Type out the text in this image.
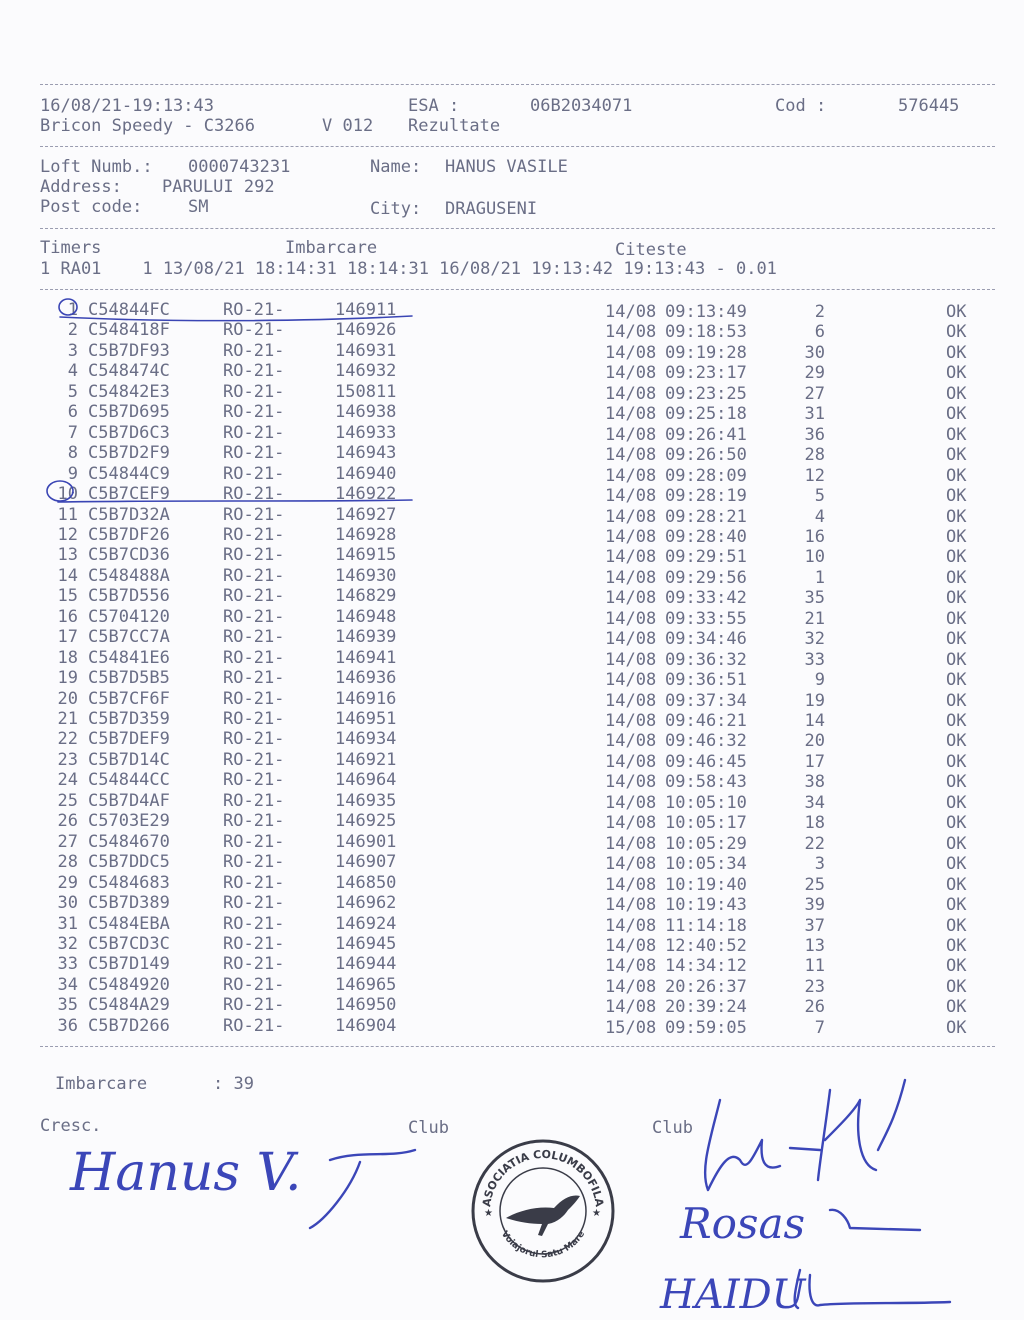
16/08/21-19:13:43	ESA :	06B2034071	Cod :	576445
Bricon Speedy - C3266	V 012 Rezultate
Loft Numb.: 0000743231	Name: HANUS VASILE
Address: PARULUI 292
Post code:	SM	City: DRAGUSENI
Timers	Imbarcare	Citeste
1 RA01    1 13/08/21 18:14:31 18:14:31 16/08/21 19:13:42 19:13:43 - 0.01
1 C54844FC	RO-21-	146911	14/08 09:13:49	2	OK
2 C548418F	RO-21-	146926	14/08 09:18:53	6	OK
3 C5B7DF93	RO-21-	146931	14/08 09:19:28	30	OK
4 C548474C	RO-21-	146932	14/08 09:23:17	29	OK
5 C54842E3	RO-21-	150811	14/08 09:23:25	27	OK
6 C5B7D695	RO-21-	146938	14/08 09:25:18	31	OK
7 C5B7D6C3	RO-21-	146933	14/08 09:26:41	36	OK
8 C5B7D2F9	RO-21-	146943	14/08 09:26:50	28	OK
9 C54844C9	RO-21-	146940	14/08 09:28:09	12	OK
10 C5B7CEF9	RO-21-	146922	14/08 09:28:19	5	OK
11 C5B7D32A	RO-21-	146927	14/08 09:28:21	4	OK
12 C5B7DF26	RO-21-	146928	14/08 09:28:40	16	OK
13 C5B7CD36	RO-21-	146915	14/08 09:29:51	10	OK
14 C548488A	RO-21-	146930	14/08 09:29:56	1	OK
15 C5B7D556	RO-21-	146829	14/08 09:33:42	35	OK
16 C5704120	RO-21-	146948	14/08 09:33:55	21	OK
17 C5B7CC7A	RO-21-	146939	14/08 09:34:46	32	OK
18 C54841E6	RO-21-	146941	14/08 09:36:32	33	OK
19 C5B7D5B5	RO-21-	146936	14/08 09:36:51	9	OK
20 C5B7CF6F	RO-21-	146916	14/08 09:37:34	19	OK
21 C5B7D359	RO-21-	146951	14/08 09:46:21	14	OK
22 C5B7DEF9	RO-21-	146934	14/08 09:46:32	20	OK
23 C5B7D14C	RO-21-	146921	14/08 09:46:45	17	OK
24 C54844CC	RO-21-	146964	14/08 09:58:43	38	OK
25 C5B7D4AF	RO-21-	146935	14/08 10:05:10	34	OK
26 C5703E29	RO-21-	146925	14/08 10:05:17	18	OK
27 C5484670	RO-21-	146901	14/08 10:05:29	22	OK
28 C5B7DDC5	RO-21-	146907	14/08 10:05:34	3	OK
29 C5484683	RO-21-	146850	14/08 10:19:40	25	OK
30 C5B7D389	RO-21-	146962	14/08 10:19:43	39	OK
31 C5484EBA	RO-21-	146924	14/08 11:14:18	37	OK
32 C5B7CD3C	RO-21-	146945	14/08 12:40:52	13	OK
33 C5B7D149	RO-21-	146944	14/08 14:34:12	11	OK
34 C5484920	RO-21-	146965	14/08 20:26:37	23	OK
35 C5484A29	RO-21-	146950	14/08 20:39:24	26	OK
36 C5B7D266	RO-21-	146904	15/08 09:59:05	7	OK
Imbarcare	: 39
Cresc.	Club	Club
ASOCIATIA COLUMBOFILA
Voiajorul Satu Mare
★	★
Hanus V.
Rosas
HAIDU
